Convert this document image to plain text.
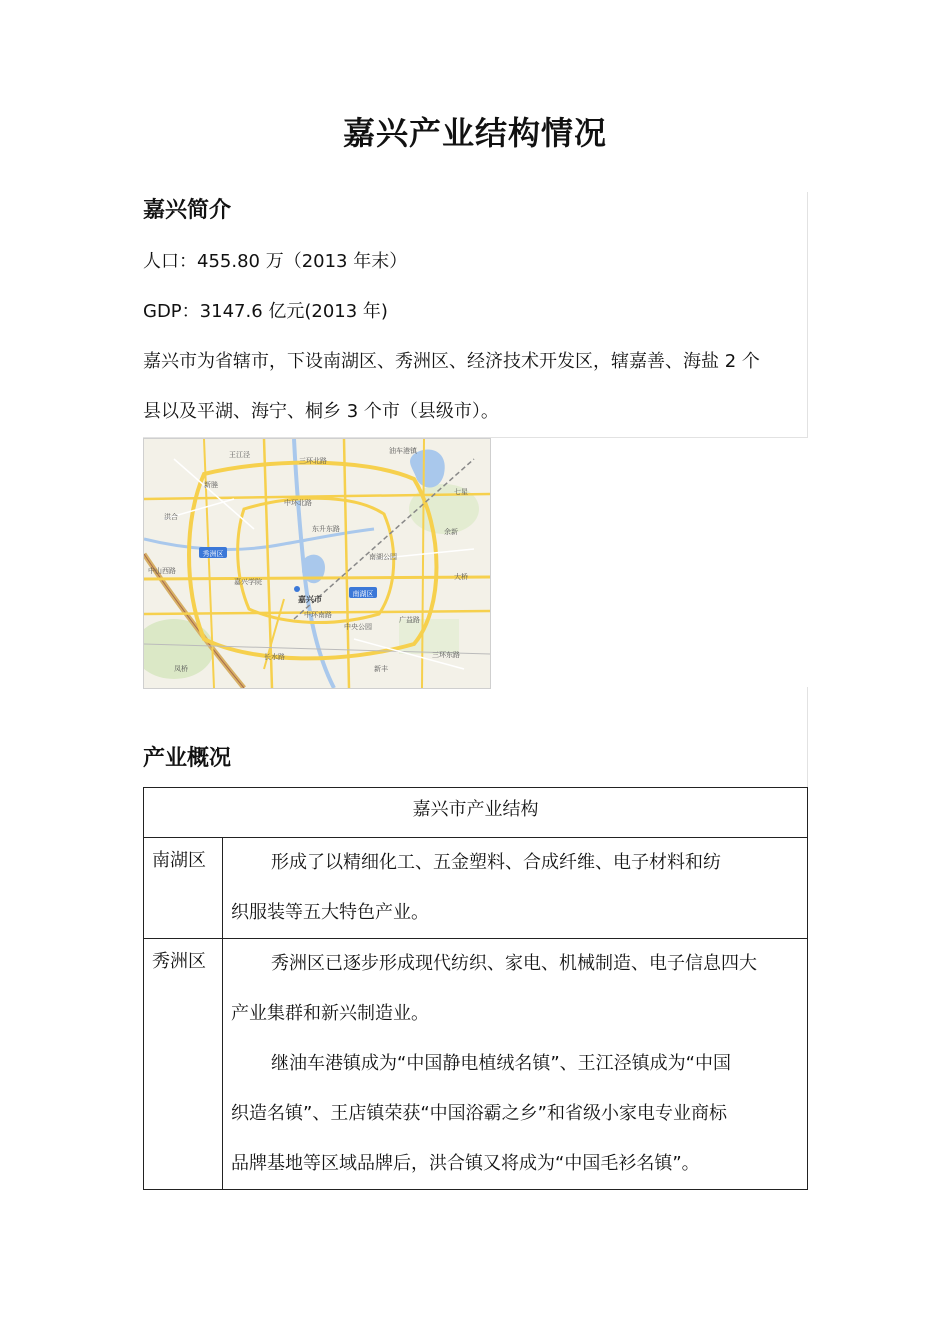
嘉兴产业结构情况
嘉兴简介
人口：455.80 万（2013 年末）
GDP：3147.6 亿元(2013 年)
嘉兴市为省辖市，下设南湖区、秀洲区、经济技术开发区，辖嘉善、海盐 2 个
县以及平湖、海宁、桐乡 3 个市（县级市）。
秀洲区
南湖区
嘉兴市
三环北路
中环北路
东升东路
中环南路
广益路
长水路	三环东路
中山西路
油车港镇
新塍
王江泾
洪合
七星
余新
凤桥	新丰
大桥
南湖公园
嘉兴学院
中央公园
产业概况
嘉兴市产业结构	
南湖区	形成了以精细化工、五金塑料、合成纤维、电子材料和纺

织服装等五大特色产业。

秀洲区	秀洲区已逐步形成现代纺织、家电、机械制造、电子信息四大

产业集群和新兴制造业。

继油车港镇成为“中国静电植绒名镇”、王江泾镇成为“中国

织造名镇”、王店镇荣获“中国浴霸之乡”和省级小家电专业商标

品牌基地等区域品牌后，洪合镇又将成为“中国毛衫名镇”。
